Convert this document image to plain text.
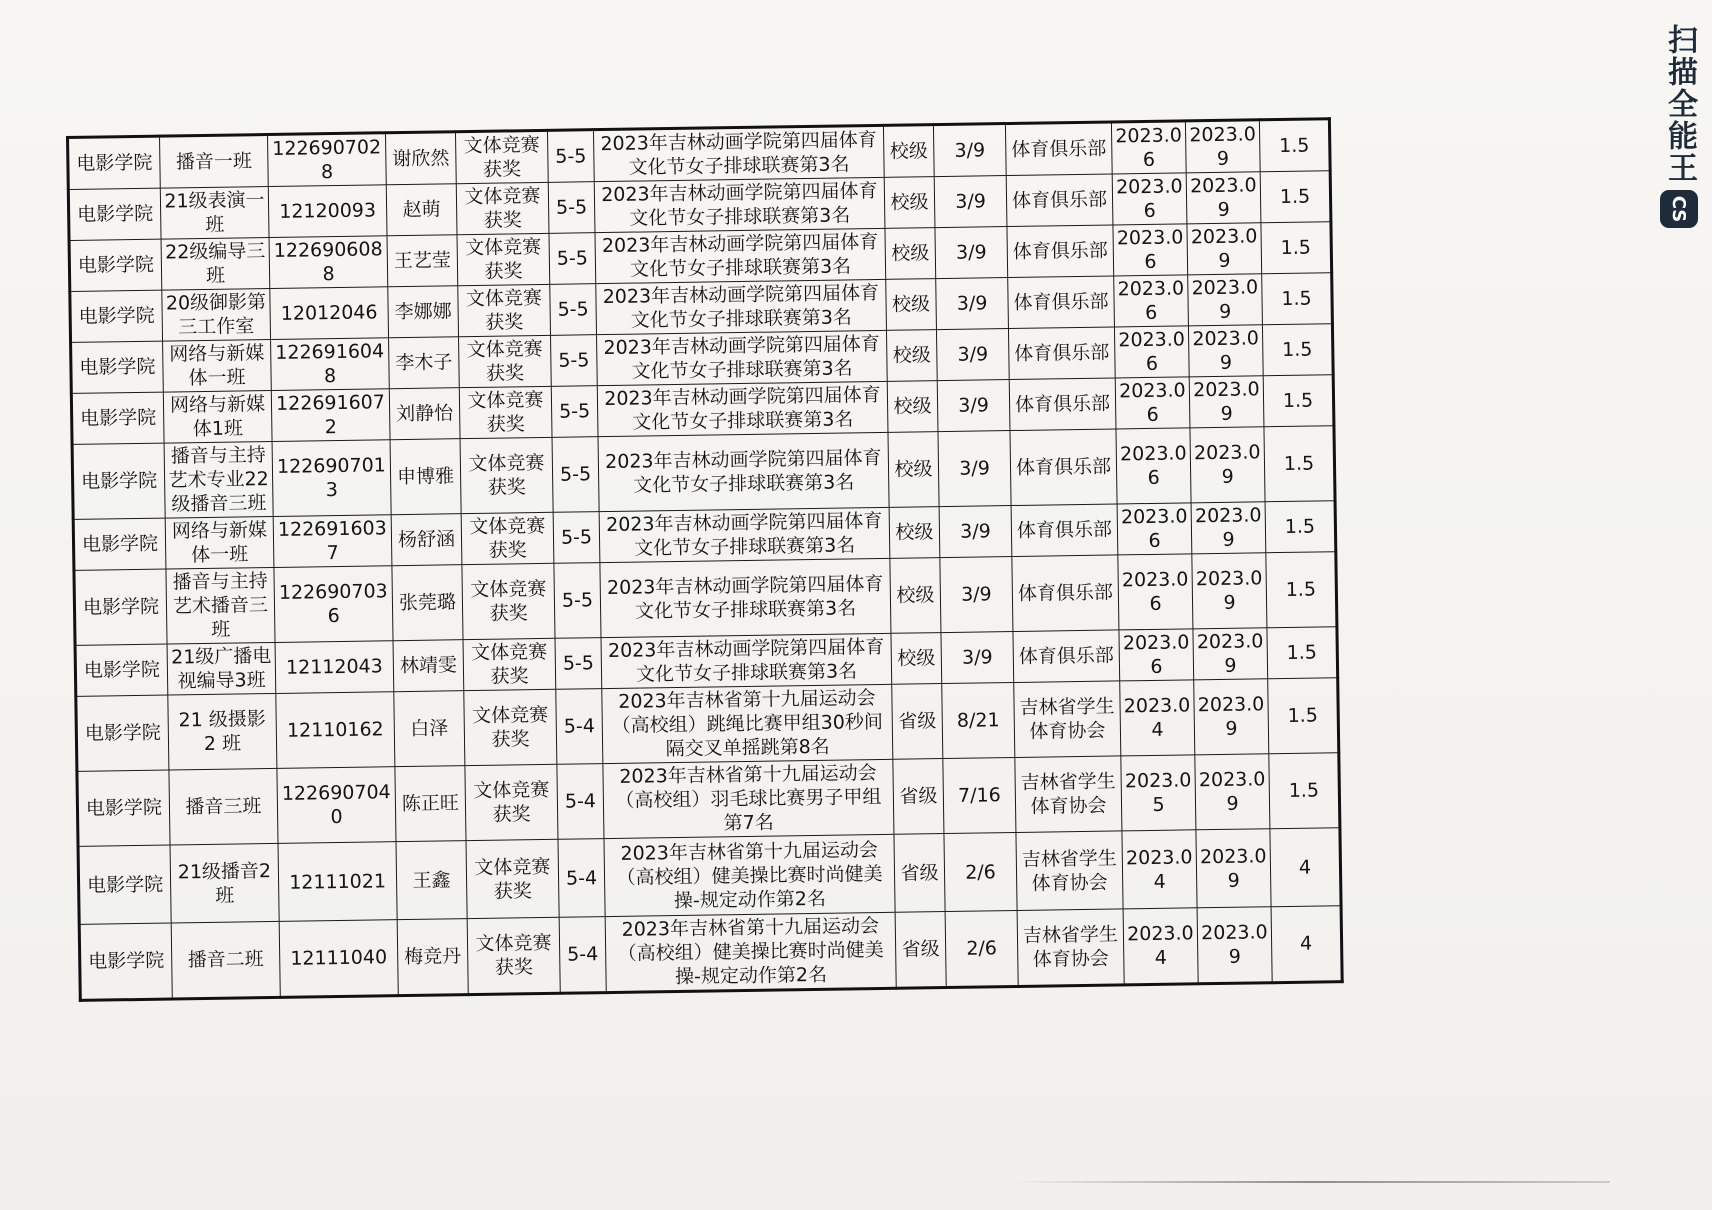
扫描全能王
CS
电影学院	播音一班	1226907028	谢欣然	文体竞赛获奖	5-5	2023年吉林动画学院第四届体育文化节女子排球联赛第3名	校级	3/9	体育俱乐部	2023.06	2023.09	1.5
电影学院	21级表演一班	12120093	赵萌	文体竞赛获奖	5-5	2023年吉林动画学院第四届体育文化节女子排球联赛第3名	校级	3/9	体育俱乐部	2023.06	2023.09	1.5
电影学院	22级编导三班	1226906088	王艺莹	文体竞赛获奖	5-5	2023年吉林动画学院第四届体育文化节女子排球联赛第3名	校级	3/9	体育俱乐部	2023.06	2023.09	1.5
电影学院	20级御影第三工作室	12012046	李娜娜	文体竞赛获奖	5-5	2023年吉林动画学院第四届体育文化节女子排球联赛第3名	校级	3/9	体育俱乐部	2023.06	2023.09	1.5
电影学院	网络与新媒体一班	1226916048	李木子	文体竞赛获奖	5-5	2023年吉林动画学院第四届体育文化节女子排球联赛第3名	校级	3/9	体育俱乐部	2023.06	2023.09	1.5
电影学院	网络与新媒体1班	1226916072	刘静怡	文体竞赛获奖	5-5	2023年吉林动画学院第四届体育文化节女子排球联赛第3名	校级	3/9	体育俱乐部	2023.06	2023.09	1.5
电影学院	播音与主持艺术专业22级播音三班	1226907013	申博雅	文体竞赛获奖	5-5	2023年吉林动画学院第四届体育文化节女子排球联赛第3名	校级	3/9	体育俱乐部	2023.06	2023.09	1.5
电影学院	网络与新媒体一班	1226916037	杨舒涵	文体竞赛获奖	5-5	2023年吉林动画学院第四届体育文化节女子排球联赛第3名	校级	3/9	体育俱乐部	2023.06	2023.09	1.5
电影学院	播音与主持艺术播音三班	1226907036	张莞璐	文体竞赛获奖	5-5	2023年吉林动画学院第四届体育文化节女子排球联赛第3名	校级	3/9	体育俱乐部	2023.06	2023.09	1.5
电影学院	21级广播电视编导3班	12112043	林靖雯	文体竞赛获奖	5-5	2023年吉林动画学院第四届体育文化节女子排球联赛第3名	校级	3/9	体育俱乐部	2023.06	2023.09	1.5
电影学院	21 级摄影 2 班	12110162	白泽	文体竞赛获奖	5-4	2023年吉林省第十九届运动会（高校组）跳绳比赛甲组30秒间隔交叉单摇跳第8名	省级	8/21	吉林省学生体育协会	2023.04	2023.09	1.5
电影学院	播音三班	1226907040	陈正旺	文体竞赛获奖	5-4	2023年吉林省第十九届运动会（高校组）羽毛球比赛男子甲组第7名	省级	7/16	吉林省学生体育协会	2023.05	2023.09	1.5
电影学院	21级播音2班	12111021	王鑫	文体竞赛获奖	5-4	2023年吉林省第十九届运动会（高校组）健美操比赛时尚健美操-规定动作第2名	省级	2/6	吉林省学生体育协会	2023.04	2023.09	4
电影学院	播音二班	12111040	梅竞丹	文体竞赛获奖	5-4	2023年吉林省第十九届运动会（高校组）健美操比赛时尚健美操-规定动作第2名	省级	2/6	吉林省学生体育协会	2023.04	2023.09	4
